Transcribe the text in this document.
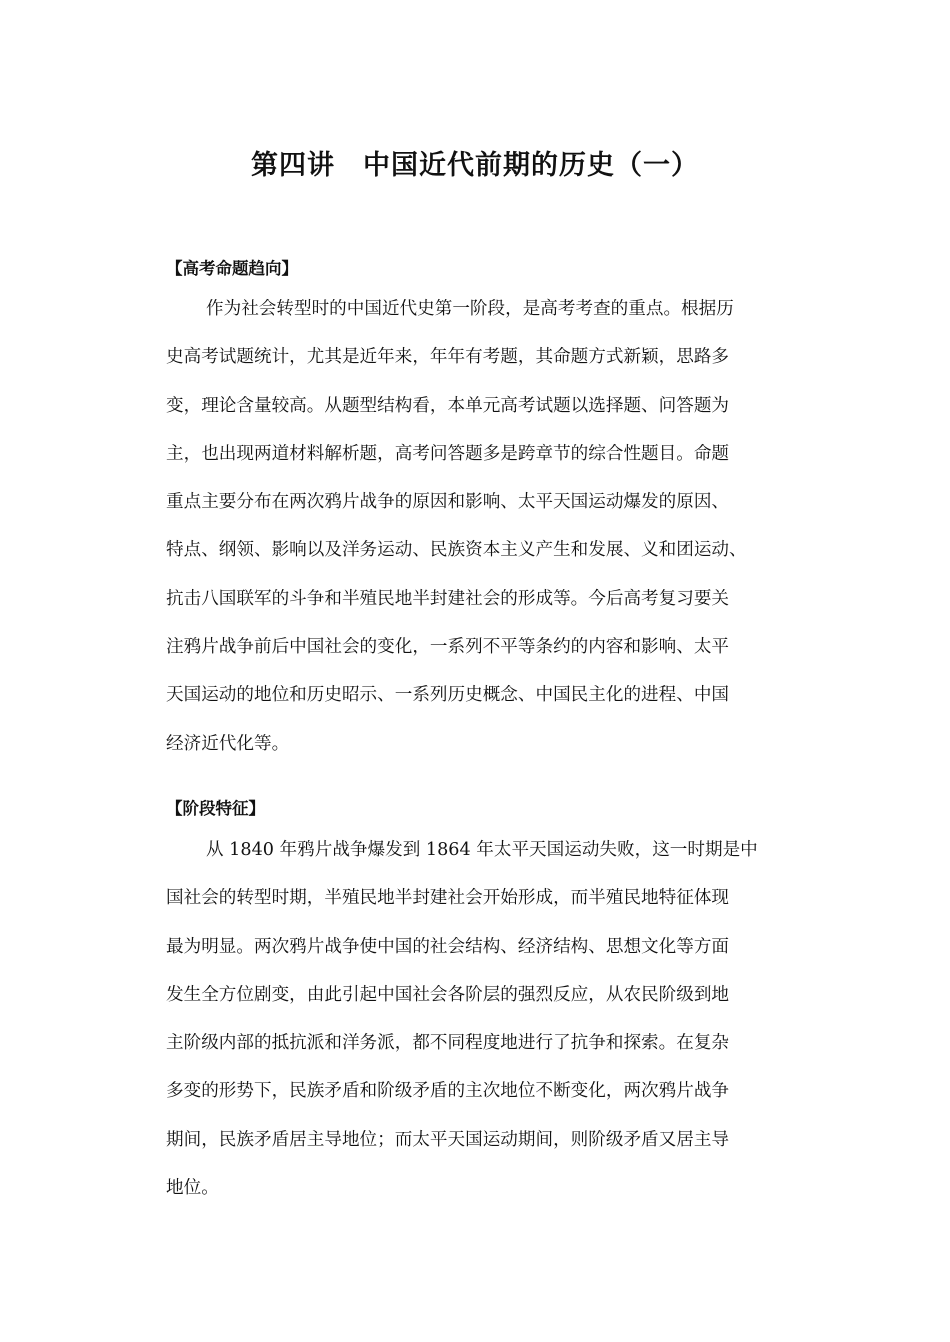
第四讲　中国近代前期的历史（一）
【高考命题趋向】
作为社会转型时的中国近代史第一阶段，是高考考查的重点。根据历
史高考试题统计，尤其是近年来，年年有考题，其命题方式新颖，思路多
变，理论含量较高。从题型结构看，本单元高考试题以选择题、问答题为
主，也出现两道材料解析题，高考问答题多是跨章节的综合性题目。命题
重点主要分布在两次鸦片战争的原因和影响、太平天国运动爆发的原因、
特点、纲领、影响以及洋务运动、民族资本主义产生和发展、义和团运动、
抗击八国联军的斗争和半殖民地半封建社会的形成等。今后高考复习要关
注鸦片战争前后中国社会的变化，一系列不平等条约的内容和影响、太平
天国运动的地位和历史昭示、一系列历史概念、中国民主化的进程、中国
经济近代化等。
【阶段特征】
从 1840 年鸦片战争爆发到 1864 年太平天国运动失败，这一时期是中
国社会的转型时期，半殖民地半封建社会开始形成，而半殖民地特征体现
最为明显。两次鸦片战争使中国的社会结构、经济结构、思想文化等方面
发生全方位剧变，由此引起中国社会各阶层的强烈反应，从农民阶级到地
主阶级内部的抵抗派和洋务派，都不同程度地进行了抗争和探索。在复杂
多变的形势下，民族矛盾和阶级矛盾的主次地位不断变化，两次鸦片战争
期间，民族矛盾居主导地位；而太平天国运动期间，则阶级矛盾又居主导
地位。
